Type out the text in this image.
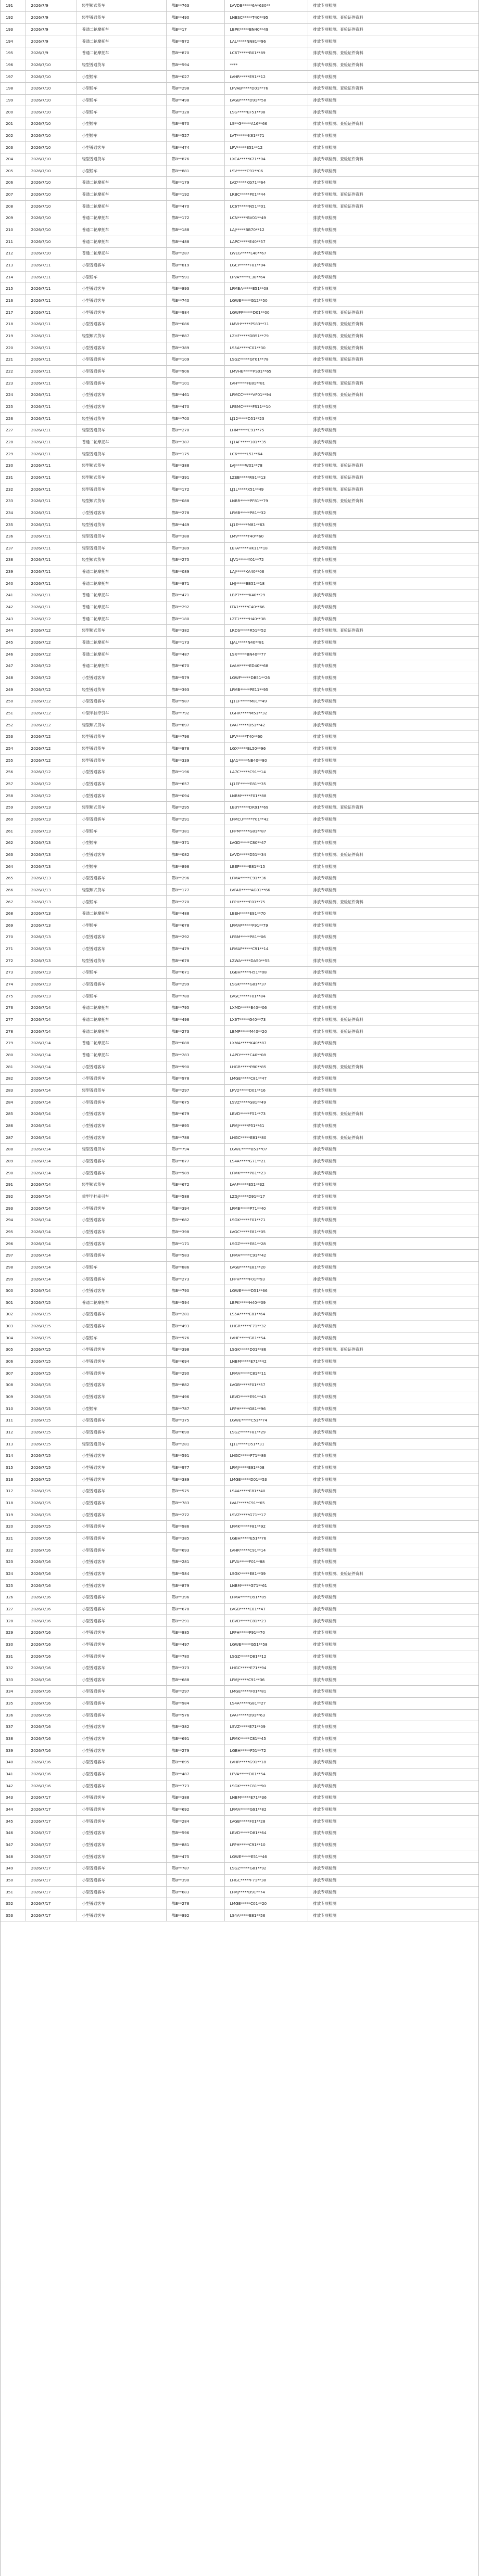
191	2026/7/9	轻型厢式货车	鄂B**763	LVVDB*****6A*630**	排放专项检测
192	2026/7/9	轻型普通货车	鄂B**490	LNBSC*****T40**95	排放专项检测、查验证件资料
193	2026/7/9	普通二轮摩托车	鄂B**17	LBPK*****BN40**49	排放专项检测、查验证件资料
194	2026/7/9	普通二轮摩托车	鄂B**972	LAL*****NN81**96	排放专项检测
195	2026/7/9	普通二轮摩托车	鄂B**870	LC6T*****B01**89	排放专项检测、查验证件资料
196	2026/7/10	轻型普通货车	鄂B**594	****	排放专项检测、查验证件资料
197	2026/7/10	小型轿车	鄂B**027	LVHR*****E91**12	排放专项检测
198	2026/7/10	小型轿车	鄂B**298	LFVAB*****D01**76	排放专项检测、查验证件资料
199	2026/7/10	小型轿车	鄂B**498	LVGB*****D91**58	排放专项检测
200	2026/7/10	小型轿车	鄂B**328	LSG*****EF51**98	排放专项检测
201	2026/7/10	小型轿车	鄂B**970	LS**G*****A16**66	排放专项检测、查验证件资料
202	2026/7/10	小型轿车	鄂B**527	LVT******K81**71	排放专项检测
203	2026/7/10	小型普通客车	鄂B**474	LFV*****E51**12	排放专项检测
204	2026/7/10	轻型普通货车	鄂B**876	LXCA*****K71**04	排放专项检测、查验证件资料
205	2026/7/10	小型轿车	鄂B**881	LSV*****C91**06	排放专项检测
206	2026/7/10	普通二轮摩托车	鄂B**179	LVZ*****KG71**64	排放专项检测
207	2026/7/10	普通二轮摩托车	鄂B**192	LRBC*****P01**44	排放专项检测、查验证件资料
208	2026/7/10	普通二轮摩托车	鄂B**470	LC6T*****N51**01	排放专项检测、查验证件资料
209	2026/7/10	普通二轮摩托车	鄂B**172	LCN*****BV01**49	排放专项检测
210	2026/7/10	普通二轮摩托车	鄂B**188	LAJ*****BB70**12	排放专项检测
211	2026/7/10	普通二轮摩托车	鄂B**488	LAPC*****E40**57	排放专项检测
212	2026/7/10	普通二轮摩托车	鄂B**287	LWEG*****L40**67	排放专项检测
213	2026/7/11	小型普通客车	鄂B**819	LGCP*****F81**94	排放专项检测
214	2026/7/11	小型轿车	鄂B**591	LFVA*****C38**64	排放专项检测
215	2026/7/11	小型普通客车	鄂B**893	LFMBA*****E51**08	排放专项检测
216	2026/7/11	小型普通客车	鄂B**740	LGWE*****G12**50	排放专项检测
217	2026/7/11	小型普通客车	鄂B**984	LGWFF*****D01**00	排放专项检测、查验证件资料
218	2026/7/11	小型普通客车	鄂B**086	LMVH*****PS83**31	排放专项检测、查验证件资料
219	2026/7/11	轻型厢式货车	鄂B**887	LZHF*****DB51**79	排放专项检测、查验证件资料
220	2026/7/11	小型普通客车	鄂B**389	LS5A*****C01**30	排放专项检测、查验证件资料
221	2026/7/11	小型普通客车	鄂B**109	LSGZ*****GT01**78	排放专项检测、查验证件资料
222	2026/7/11	小型普通客车	鄂B**906	LMVHE*****PS01**65	排放专项检测
223	2026/7/11	小型普通客车	鄂B**101	LVH*****FE81**81	排放专项检测、查验证件资料
224	2026/7/11	小型普通客车	鄂B**461	LFMCC*****VP01**94	排放专项检测、查验证件资料
225	2026/7/11	小型普通客车	鄂B**470	LFBMC*****FS11**10	排放专项检测
226	2026/7/11	轻型普通货车	鄂B**700	LJ12*****D51**23	排放专项检测
227	2026/7/11	轻型普通货车	鄂B**270	LHM*****C91**75	排放专项检测
228	2026/7/11	普通二轮摩托车	鄂B**387	LJ1AF*****101**35	排放专项检测
229	2026/7/11	轻型普通货车	鄂B**175	LC6*****L51**64	排放专项检测
230	2026/7/11	轻型厢式货车	鄂B**388	LVJ*****W01**78	排放专项检测、查验证件资料
231	2026/7/11	轻型厢式货车	鄂B**391	LZEB*****R91**13	排放专项检测、查验证件资料
232	2026/7/11	轻型普通货车	鄂B**172	LJ1L*****X51**49	排放专项检测、查验证件资料
233	2026/7/11	轻型厢式货车	鄂B**088	LNBR*****PF81**79	排放专项检测、查验证件资料
234	2026/7/11	小型普通客车	鄂B**278	LFMB*****P81**32	排放专项检测
235	2026/7/11	轻型普通货车	鄂B**449	LJ1E*****M81**63	排放专项检测
236	2026/7/11	轻型普通货车	鄂B**388	LMV*****T40**60	排放专项检测
237	2026/7/11	轻型普通货车	鄂B**389	LEFA*****HK11**18	排放专项检测
238	2026/7/11	轻型厢式货车	鄂B**275	LJV1*****Y01**72	排放专项检测
239	2026/7/11	普通二轮摩托车	鄂B**089	LAJ*****KA40**06	排放专项检测
240	2026/7/11	普通二轮摩托车	鄂B**871	LHJ*****BB51**18	排放专项检测
241	2026/7/11	普通二轮摩托车	鄂B**471	LBPT*****K40**29	排放专项检测
242	2026/7/11	普通二轮摩托车	鄂B**292	LTA1*****C40**66	排放专项检测
243	2026/7/12	普通二轮摩托车	鄂B**180	LZT1*****H40**38	排放专项检测
244	2026/7/12	轻型厢式货车	鄂B**382	LRDS*****R51**52	排放专项检测、查验证件资料
245	2026/7/12	普通二轮摩托车	鄂B**173	LJAL*****N40**81	排放专项检测
246	2026/7/12	普通二轮摩托车	鄂B**487	LSR*****BN40**77	排放专项检测
247	2026/7/12	普通二轮摩托车	鄂B**670	LVAH*****ED40**68	排放专项检测
248	2026/7/12	小型普通客车	鄂B**579	LGWF*****DB51**26	排放专项检测
249	2026/7/12	轻型普通货车	鄂B**393	LFMB*****PE11**95	排放专项检测
250	2026/7/12	小型普通客车	鄂B**987	LJ1EF*****M81**49	排放专项检测
251	2026/7/12	中型半挂牵引车	鄂B**792	LGHR*****M51**32	排放专项检测
252	2026/7/12	轻型厢式货车	鄂B**897	LVAF*****D51**42	排放专项检测
253	2026/7/12	轻型普通货车	鄂B**796	LFV*****T40**60	排放专项检测
254	2026/7/12	轻型普通货车	鄂B**878	LGX*****BL50**96	排放专项检测
255	2026/7/12	轻型普通货车	鄂B**339	LJA1*****NB40**80	排放专项检测
256	2026/7/12	小型普通客车	鄂B**196	LA7C*****C91**14	排放专项检测
257	2026/7/12	小型普通客车	鄂B**657	LJ1EF*****E81**35	排放专项检测
258	2026/7/12	小型普通客车	鄂B**094	LNBM*****F01**88	排放专项检测
259	2026/7/13	轻型厢式货车	鄂B**295	LB3Y*****DR91**69	排放专项检测、查验证件资料
260	2026/7/13	小型普通客车	鄂B**291	LFMCU*****Y01**42	排放专项检测
261	2026/7/13	小型轿车	鄂B**381	LFPM*****G81**87	排放专项检测
262	2026/7/13	小型轿车	鄂B**371	LVGD*****C80**47	排放专项检测
263	2026/7/13	小型普通客车	鄂B**082	LVVD*****D51**34	排放专项检测、查验证件资料
264	2026/7/13	小型轿车	鄂B**898	LBEP*****E81**15	排放专项检测
265	2026/7/13	小型普通客车	鄂B**296	LFMA*****C91**36	排放专项检测
266	2026/7/13	轻型厢式货车	鄂B**177	LVFAB*****AG01**66	排放专项检测
267	2026/7/13	小型轿车	鄂B**270	LFPH*****E01**75	排放专项检测、查验证件资料
268	2026/7/13	普通二轮摩托车	鄂B**488	LBEH*****E91**70	排放专项检测
269	2026/7/13	小型轿车	鄂B**678	LFMAP*****F91**79	排放专项检测
270	2026/7/13	小型普通客车	鄂B**292	LFBM*****P81**06	排放专项检测
271	2026/7/13	小型普通客车	鄂B**479	LFMAP*****C91**14	排放专项检测
272	2026/7/13	轻型普通货车	鄂B**678	LZWA*****DA50**55	排放专项检测
273	2026/7/13	小型轿车	鄂B**671	LGBH*****H51**08	排放专项检测
274	2026/7/13	小型普通客车	鄂B**299	LSGK*****G81**37	排放专项检测
275	2026/7/13	小型轿车	鄂B**780	LVGC*****F01**84	排放专项检测
276	2026/7/14	普通二轮摩托车	鄂B**795	LXMD*****B40**06	排放专项检测
277	2026/7/14	普通二轮摩托车	鄂B**498	LX6T*****G40**73	排放专项检测、查验证件资料
278	2026/7/14	普通二轮摩托车	鄂B**273	LBMP*****M40**20	排放专项检测、查验证件资料
279	2026/7/14	普通二轮摩托车	鄂B**088	LXMA*****K40**87	排放专项检测
280	2026/7/14	普通二轮摩托车	鄂B**283	LAPD*****C40**08	排放专项检测
281	2026/7/14	小型普通客车	鄂B**990	LHGR*****P80**85	排放专项检测、查验证件资料
282	2026/7/14	小型普通客车	鄂B**978	LMGE*****C81**47	排放专项检测
283	2026/7/14	轻型普通货车	鄂B**297	LFV2*****D01**16	排放专项检测
284	2026/7/14	小型普通客车	鄂B**675	LSVZ*****G81**49	排放专项检测
285	2026/7/14	小型普通客车	鄂B**679	LBVD*****F51**73	排放专项检测、查验证件资料
286	2026/7/14	小型普通客车	鄂B**895	LFMJ*****P51**61	排放专项检测
287	2026/7/14	小型普通客车	鄂B**788	LHGC*****E81**80	排放专项检测、查验证件资料
288	2026/7/14	轻型普通货车	鄂B**794	LGWE*****B51**07	排放专项检测
289	2026/7/14	小型普通客车	鄂B**877	LS4A*****G71**21	排放专项检测
290	2026/7/14	小型普通客车	鄂B**989	LFMK*****P81**23	排放专项检测
291	2026/7/14	轻型厢式货车	鄂B**672	LVAF*****E51**32	排放专项检测
292	2026/7/14	重型半挂牵引车	鄂B**588	LZGJ*****D91**17	排放专项检测
293	2026/7/14	小型普通客车	鄂B**394	LFMB*****P71**40	排放专项检测
294	2026/7/14	小型普通客车	鄂B**682	LSGK*****F01**71	排放专项检测
295	2026/7/14	小型普通客车	鄂B**398	LVGC*****E81**05	排放专项检测
296	2026/7/14	小型普通客车	鄂B**171	LSGZ*****E81**28	排放专项检测
297	2026/7/14	小型普通客车	鄂B**583	LFMA*****C91**42	排放专项检测
298	2026/7/14	小型轿车	鄂B**886	LVGB*****E81**20	排放专项检测
299	2026/7/14	小型普通客车	鄂B**273	LFPH*****F01**93	排放专项检测
300	2026/7/14	小型普通客车	鄂B**790	LGWE*****D51**66	排放专项检测
301	2026/7/15	普通二轮摩托车	鄂B**594	LBPK*****H40**09	排放专项检测
302	2026/7/15	小型普通客车	鄂B**281	LS5A*****E81**64	排放专项检测
303	2026/7/15	小型普通客车	鄂B**493	LHGR*****F71**32	排放专项检测
304	2026/7/15	小型轿车	鄂B**976	LVHF*****G81**54	排放专项检测
305	2026/7/15	小型普通客车	鄂B**398	LSGK*****D01**86	排放专项检测、查验证件资料
306	2026/7/15	小型普通客车	鄂B**694	LNBM*****E71**42	排放专项检测
307	2026/7/15	小型普通客车	鄂B**290	LFMA*****C81**11	排放专项检测
308	2026/7/15	小型普通客车	鄂B**882	LVGB*****F01**57	排放专项检测
309	2026/7/15	小型普通客车	鄂B**496	LBVD*****E91**43	排放专项检测
310	2026/7/15	小型轿车	鄂B**787	LFPH*****G81**96	排放专项检测
311	2026/7/15	小型普通客车	鄂B**375	LGWE*****C51**74	排放专项检测
312	2026/7/15	小型普通客车	鄂B**690	LSGZ*****F81**29	排放专项检测
313	2026/7/15	轻型普通货车	鄂B**281	LJ1E*****D51**31	排放专项检测
314	2026/7/15	小型普通客车	鄂B**591	LHGC*****F71**86	排放专项检测
315	2026/7/15	小型普通客车	鄂B**977	LFMJ*****E91**08	排放专项检测
316	2026/7/15	小型普通客车	鄂B**389	LMGE*****D01**53	排放专项检测
317	2026/7/15	小型普通客车	鄂B**575	LS4A*****E81**40	排放专项检测
318	2026/7/15	小型普通客车	鄂B**783	LVAF*****C91**65	排放专项检测
319	2026/7/15	小型普通客车	鄂B**272	LSVZ*****G71**17	排放专项检测
320	2026/7/15	小型普通客车	鄂B**986	LFMK*****F81**92	排放专项检测
321	2026/7/16	小型普通客车	鄂B**385	LGBH*****E51**76	排放专项检测
322	2026/7/16	小型普通客车	鄂B**693	LVHR*****C91**14	排放专项检测
323	2026/7/16	小型普通客车	鄂B**281	LFVA*****F01**88	排放专项检测
324	2026/7/16	小型普通客车	鄂B**584	LSGK*****E81**39	排放专项检测、查验证件资料
325	2026/7/16	小型普通客车	鄂B**879	LNBM*****G71**61	排放专项检测
326	2026/7/16	小型普通客车	鄂B**396	LFMA*****D91**05	排放专项检测
327	2026/7/16	小型普通客车	鄂B**678	LVGB*****E01**47	排放专项检测
328	2026/7/16	小型普通客车	鄂B**291	LBVD*****C81**23	排放专项检测
329	2026/7/16	小型普通客车	鄂B**885	LFPH*****F91**70	排放专项检测
330	2026/7/16	小型普通客车	鄂B**497	LGWE*****G51**58	排放专项检测
331	2026/7/16	小型普通客车	鄂B**780	LSGZ*****D81**12	排放专项检测
332	2026/7/16	小型普通客车	鄂B**373	LHGC*****E71**94	排放专项检测
333	2026/7/16	小型普通客车	鄂B**688	LFMJ*****C91**36	排放专项检测
334	2026/7/16	小型普通客车	鄂B**297	LMGE*****F01**81	排放专项检测
335	2026/7/16	小型普通客车	鄂B**984	LS4A*****G81**27	排放专项检测
336	2026/7/16	小型普通客车	鄂B**576	LVAF*****D91**63	排放专项检测
337	2026/7/16	小型普通客车	鄂B**382	LSVZ*****E71**09	排放专项检测
338	2026/7/16	小型普通客车	鄂B**691	LFMK*****C81**45	排放专项检测
339	2026/7/16	小型普通客车	鄂B**279	LGBH*****F51**72	排放专项检测
340	2026/7/16	小型普通客车	鄂B**895	LVHR*****G91**18	排放专项检测
341	2026/7/16	小型普通客车	鄂B**487	LFVA*****D01**54	排放专项检测
342	2026/7/16	小型普通客车	鄂B**773	LSGK*****C81**90	排放专项检测
343	2026/7/17	小型普通客车	鄂B**388	LNBM*****E71**36	排放专项检测
344	2026/7/17	小型普通客车	鄂B**692	LFMA*****G91**82	排放专项检测
345	2026/7/17	小型普通客车	鄂B**284	LVGB*****F01**28	排放专项检测
346	2026/7/17	小型普通客车	鄂B**596	LBVD*****D81**64	排放专项检测
347	2026/7/17	小型普通客车	鄂B**881	LFPH*****C91**10	排放专项检测
348	2026/7/17	小型普通客车	鄂B**475	LGWE*****E51**46	排放专项检测
349	2026/7/17	小型普通客车	鄂B**787	LSGZ*****G81**92	排放专项检测
350	2026/7/17	小型普通客车	鄂B**390	LHGC*****F71**38	排放专项检测
351	2026/7/17	小型普通客车	鄂B**683	LFMJ*****D91**74	排放专项检测
352	2026/7/17	小型普通客车	鄂B**278	LMGE*****C01**20	排放专项检测
353	2026/7/17	小型普通客车	鄂B**892	LS4A*****E81**56	排放专项检测
